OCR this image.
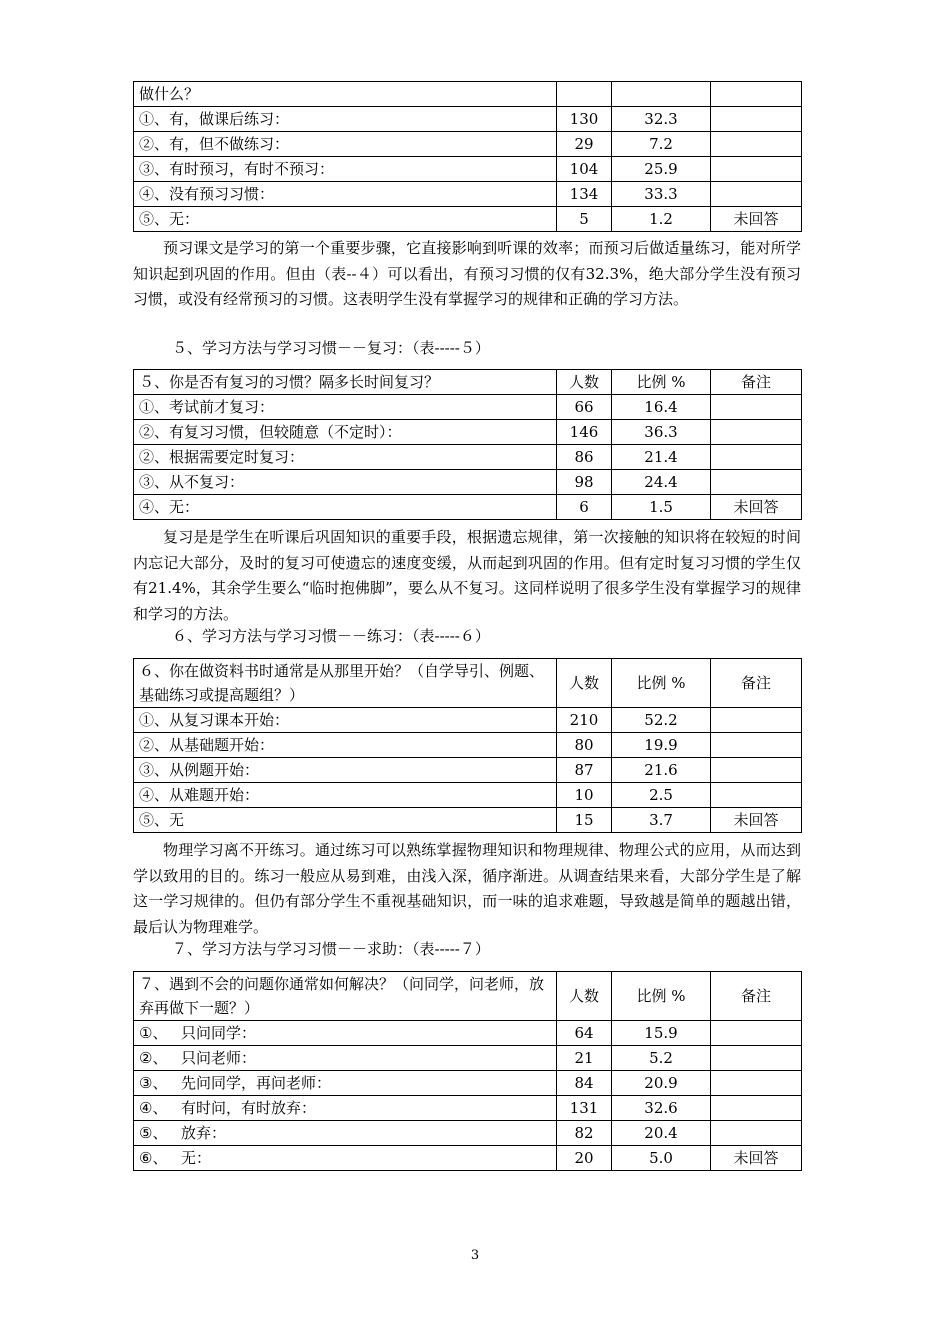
做什么？			
①、有，做课后练习：	130	32.3	
②、有，但不做练习：	29	7.2	
③、有时预习，有时不预习：	104	25.9	
④、没有预习习惯：	134	33.3	
⑤、无：	5	1.2	未回答

预习课文是学习的第一个重要步骤，它直接影响到听课的效率；而预习后做适量练习，能对所学知识起到巩固的作用。但由（表--４）可以看出，有预习习惯的仅有32.3%，绝大部分学生没有预习习惯，或没有经常预习的习惯。这表明学生没有掌握学习的规律和正确的学习方法。

５、学习方法与学习习惯－－复习：（表-----５）

５、你是否有复习的习惯？隔多长时间复习？	人数	比例 %	备注
①、考试前才复习：	66	16.4	
②、有复习习惯，但较随意（不定时）：	146	36.3	
②、根据需要定时复习：	86	21.4	
③、从不复习：	98	24.4	
④、无：	6	1.5	未回答

复习是是学生在听课后巩固知识的重要手段，根据遗忘规律，第一次接触的知识将在较短的时间内忘记大部分，及时的复习可使遗忘的速度变缓，从而起到巩固的作用。但有定时复习习惯的学生仅有21.4%，其余学生要么“临时抱佛脚”，要么从不复习。这同样说明了很多学生没有掌握学习的规律和学习的方法。

６、学习方法与学习习惯－－练习：（表-----６）

６、你在做资料书时通常是从那里开始？（自学导引、例题、基础练习或提高题组？）	人数	比例 %	备注
①、从复习课本开始：	210	52.2	
②、从基础题开始：	80	19.9	
③、从例题开始：	87	21.6	
④、从难题开始：	10	2.5	
⑤、无	15	3.7	未回答

物理学习离不开练习。通过练习可以熟练掌握物理知识和物理规律、物理公式的应用，从而达到学以致用的目的。练习一般应从易到难，由浅入深，循序渐进。从调查结果来看，大部分学生是了解这一学习规律的。但仍有部分学生不重视基础知识，而一味的追求难题，导致越是简单的题越出错，最后认为物理难学。

７、学习方法与学习习惯－－求助：（表-----７）

７、遇到不会的问题你通常如何解决？（问同学，问老师，放弃再做下一题？）	人数	比例 %	备注
①、 只问同学：	64	15.9	
②、 只问老师：	21	5.2	
③、 先问同学，再问老师：	84	20.9	
④、 有时问，有时放弃：	131	32.6	
⑤、 放弃：	82	20.4	
⑥、 无：	20	5.0	未回答
3
